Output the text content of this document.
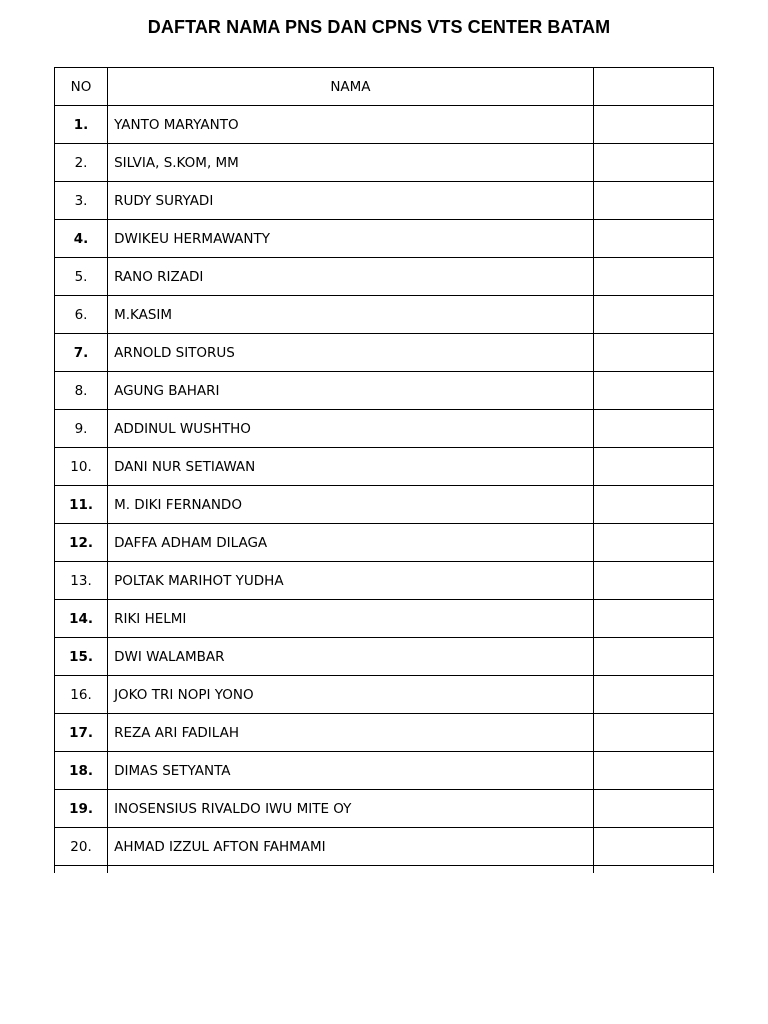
DAFTAR NAMA PNS DAN CPNS VTS CENTER BATAM
NO	NAMA	
1.	YANTO MARYANTO	
2.	SILVIA, S.KOM, MM	
3.	RUDY SURYADI	
4.	DWIKEU HERMAWANTY	
5.	RANO RIZADI	
6.	M.KASIM	
7.	ARNOLD SITORUS	
8.	AGUNG BAHARI	
9.	ADDINUL WUSHTHO	
10.	DANI NUR SETIAWAN	
11.	M. DIKI FERNANDO	
12.	DAFFA ADHAM DILAGA	
13.	POLTAK MARIHOT YUDHA	
14.	RIKI HELMI	
15.	DWI WALAMBAR	
16.	JOKO TRI NOPI YONO	
17.	REZA ARI FADILAH	
18.	DIMAS SETYANTA	
19.	INOSENSIUS RIVALDO IWU MITE OY	
20.	AHMAD IZZUL AFTON FAHMAMI	
